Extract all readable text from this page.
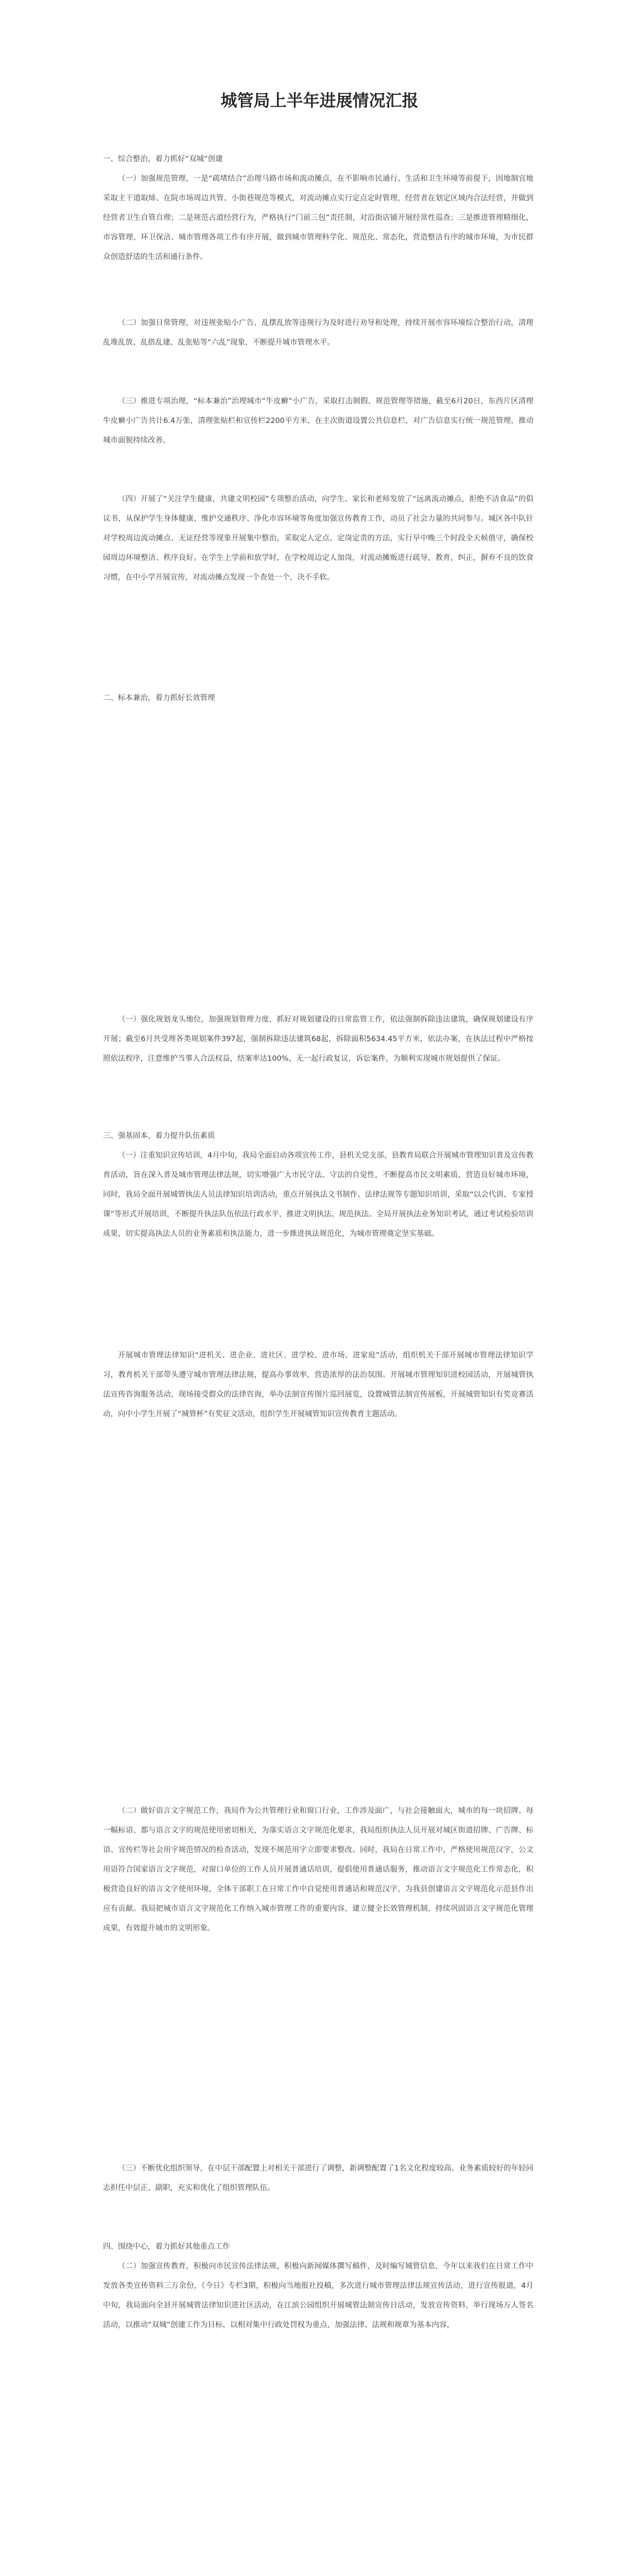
城管局上半年进展情况汇报

一、综合整治，着力抓好“双城”创建

（一）加强规范管理，一是“疏堵结合”治理马路市场和流动摊点，在不影响市民通行、生活和卫生环境等前提下，因地制宜地采取主干道取缔、在院市场周边共管、小街巷规范等模式，对流动摊点实行定点定时管理，经营者在划定区域内合法经营，并做到经营者卫生自管自理；二是规范占道经营行为，严格执行“门前三包”责任制，对沿街店铺开展经常性巡查；三是推进管理精细化，市容管理、环卫保洁、城市管理各项工作有序开展，做到城市管理科学化、规范化、常态化，营造整洁有序的城市环境，为市民群众创造舒适的生活和通行条件。

（二）加强日常管理，对违规张贴小广告、乱摆乱放等违规行为及时进行劝导和处理，持续开展市容环境综合整治行动，清理乱堆乱放、乱搭乱建、乱张贴等“六乱”现象，不断提升城市管理水平。

（三）推进专项治理，“标本兼治”治理城市“牛皮癣”小广告，采取打击制假、规范管理等措施，截至6月20日，东西片区清理牛皮癣小广告共计6.4万张，清理张贴栏和宣传栏2200平方米，在主次街道设置公共信息栏，对广告信息实行统一规范管理，推动城市面貌持续改善。

（四）开展了“关注学生健康，共建文明校园”专项整治活动，向学生、家长和老师发放了“远离流动摊点，拒绝不洁食品”的倡议书，从保护学生身体健康、维护交通秩序、净化市容环境等角度加强宣传教育工作，动员了社会力量的共同参与。城区各中队针对学校周边流动摊点、无证经营等现象开展集中整治，采取定人定点、定岗定责的方法，实行早中晚三个时段全天候值守，确保校园周边环境整洁、秩序良好。在学生上学前和放学时，在学校周边定人加岗，对流动摊贩进行疏导，教育，纠正，摒弃不良的饮食习惯，在中小学开展宣传，对流动摊点发现一个查处一个，决不手软。

二、标本兼治，着力抓好长效管理

（一）强化规划龙头地位，加强规划管理力度，抓好对规划建设的日常监管工作，依法强制拆除违法建筑，确保规划建设有序开展；截至6月共受理各类规划案件397起，强制拆除违法建筑68起，拆除面积5634.45平方米，依法办案，在执法过程中严格按照依法程序，注意维护当事人合法权益，结案率达100%，无一起行政复议，诉讼案件，为顺利实现城市规划提供了保证。

三、强基固本，着力提升队伍素质

（一）注重知识宣传培训，4月中旬，我局全面启动各项宣传工作，县机关党支部、县教育局联合开展城市管理知识普及宣传教育活动，旨在深入普及城市管理法律法规，切实增强广大市民守法、守法的自觉性，不断提高市民文明素质，营造良好城市环境，同时，我局全面开展城管执法人员法律知识培训活动，重点开展执法文书制作、法律法规等专题知识培训，采取“以会代训、专家授课”等形式开展培训，不断提升执法队伍依法行政水平，推进文明执法、规范执法。全局开展执法业务知识考试，通过考试检验培训成果，切实提高执法人员的业务素质和执法能力，进一步推进执法规范化，为城市管理奠定坚实基础。

开展城市管理法律知识“进机关、进企业、进社区、进学校、进市场、进家庭”活动，组织机关干部开展城市管理法律知识学习，教育机关干部带头遵守城市管理法律法规，提高办事效率，营造浓厚的法治氛围。开展城市管理知识进校园活动，开展城管执法宣传咨询服务活动，现场接受群众的法律咨询，举办法制宣传图片巡回展览，设置城管法制宣传展板，开展城管知识有奖竞赛活动，向中小学生开展了“城管杯”有奖征文活动，组织学生开展城管知识宣传教育主题活动。

（二）做好语言文字规范工作，我局作为公共管理行业和窗口行业，工作涉及面广，与社会接触面大，城市的每一块招牌、每一幅标语、都与语言文字的规范使用密切相关，为落实语言文字规范化要求，我局组织执法人员开展对城区街道招牌、广告牌、标语、宣传栏等社会用字规范情况的检查活动，发现不规范用字立即要求整改。同时，我局在日常工作中，严格使用规范汉字，公文用语符合国家语言文字规范，对窗口单位的工作人员开展普通话培训，提倡使用普通话服务，推动语言文字规范化工作常态化，积极营造良好的语言文字使用环境，全体干部职工在日常工作中自觉使用普通话和规范汉字，为我县创建语言文字规范化示范县作出应有贡献。我局把城市语言文字规范化工作纳入城市管理工作的重要内容，建立健全长效管理机制，持续巩固语言文字规范化管理成果，有效提升城市的文明形象。

（三）不断优化组织领导，在中层干部配置上对相关干部进行了调整，新调整配置了1名文化程度较高、业务素质较好的年轻同志担任中层正、副职，充实和优化了组织管理队伍。

四、围绕中心，着力抓好其他重点工作

（二）加强宣传教育，积极向市民宣传法律法规，积极向新闻媒体撰写稿件，及时编写城管信息，今年以来我们在日常工作中发放各类宣传资料三万余份，《今日》专栏3期，积极向当地报社投稿，多次进行城市管理法律法规宣传活动，进行宣传报道，4月中旬，我局面向全县开展城管法律知识进社区活动，在江滨公园组织开展城管法制宣传日活动，发放宣传资料，举行现场万人签名活动，以推动“双城”创建工作为目标，以相对集中行政处罚权为重点，加强法律、法规和规章为基本内容，
